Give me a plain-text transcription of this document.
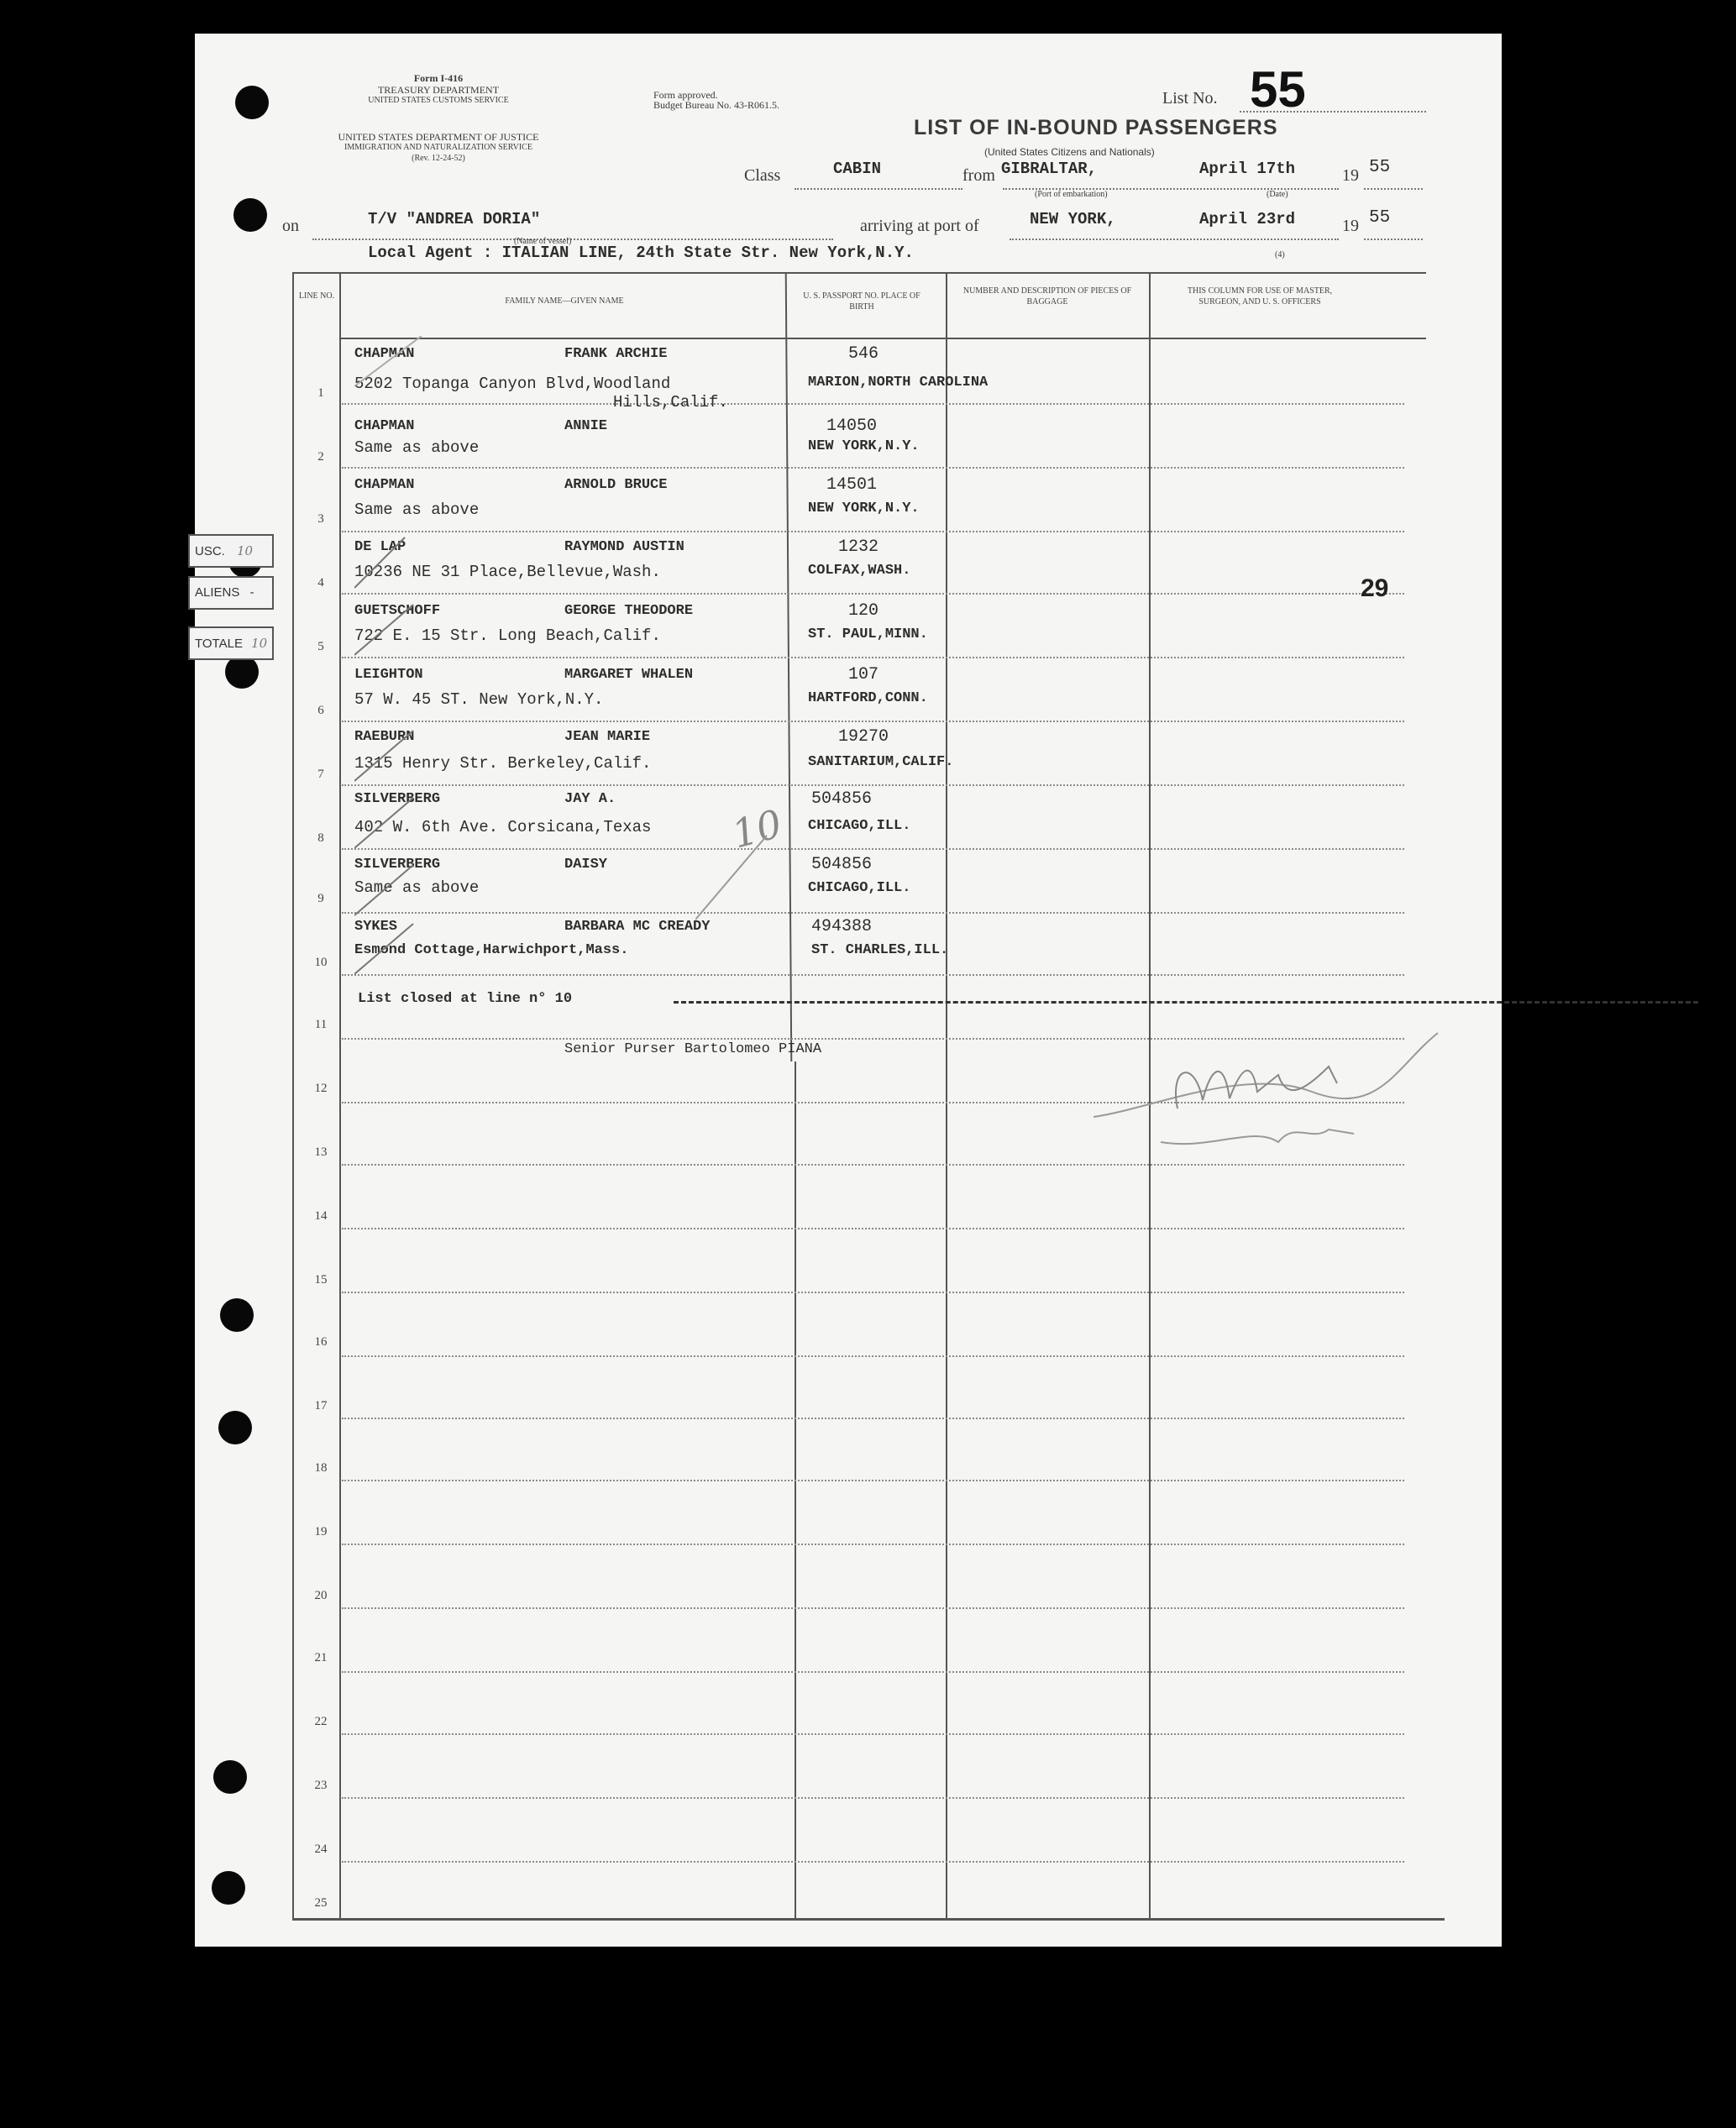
Form I-416
TREASURY DEPARTMENT
UNITED STATES CUSTOMS SERVICE
UNITED STATES DEPARTMENT OF JUSTICE
IMMIGRATION AND NATURALIZATION SERVICE
(Rev. 12-24-52)
Form approved.
Budget Bureau No. 43-R061.5.	List No. 55
LIST OF IN-BOUND PASSENGERS
(United States Citizens and Nationals)
Class	CABIN	from GIBRALTAR,	April 17th	19 55
(Port of embarkation)	(Date)
on	T/V "ANDREA DORIA"
(Name of vessel)
arriving at port of	NEW YORK,	April 23rd	19 55
Local Agent : ITALIAN LINE, 24th State Str. New York,N.Y.	(4)
LINE NO.
FAMILY NAME—GIVEN NAME
U. S. PASSPORT NO. PLACE OF BIRTH
NUMBER AND DESCRIPTION OF PIECES OF BAGGAGE
THIS COLUMN FOR USE OF MASTER, SURGEON, AND U. S. OFFICERS
1
CHAPMAN	FRANK ARCHIE
5202 Topanga Canyon Blvd,Woodland
Hills,Calif.
546
MARION,NORTH CAROLINA
2
CHAPMAN	ANNIE
Same as above
14050
NEW YORK,N.Y.
3
CHAPMAN	ARNOLD BRUCE
Same as above
14501
NEW YORK,N.Y.
4
DE LAP	RAYMOND AUSTIN
10236 NE 31 Place,Bellevue,Wash.
1232
COLFAX,WASH.
5
GUETSCHOFF	GEORGE THEODORE
722 E. 15 Str. Long Beach,Calif.
120
ST. PAUL,MINN.
6
LEIGHTON	MARGARET WHALEN
57 W. 45 ST. New York,N.Y.
107
HARTFORD,CONN.
7
RAEBURN	JEAN MARIE
1315 Henry Str. Berkeley,Calif.
19270
SANITARIUM,CALIF.
8
SILVERBERG	JAY A.
402 W. 6th Ave. Corsicana,Texas
504856
CHICAGO,ILL.
9
SILVERBERG	DAISY
Same as above
504856
CHICAGO,ILL.
10
SYKES	BARBARA MC CREADY
Esmond Cottage,Harwichport,Mass.
494388
ST. CHARLES,ILL.
11
List closed at line n° 10
Senior Purser Bartolomeo PIANA
12
13
14
15
16
17
18
19
20
21
22
23
24
25
29
10
USC. 10
ALIENS -
TOTALE 10
